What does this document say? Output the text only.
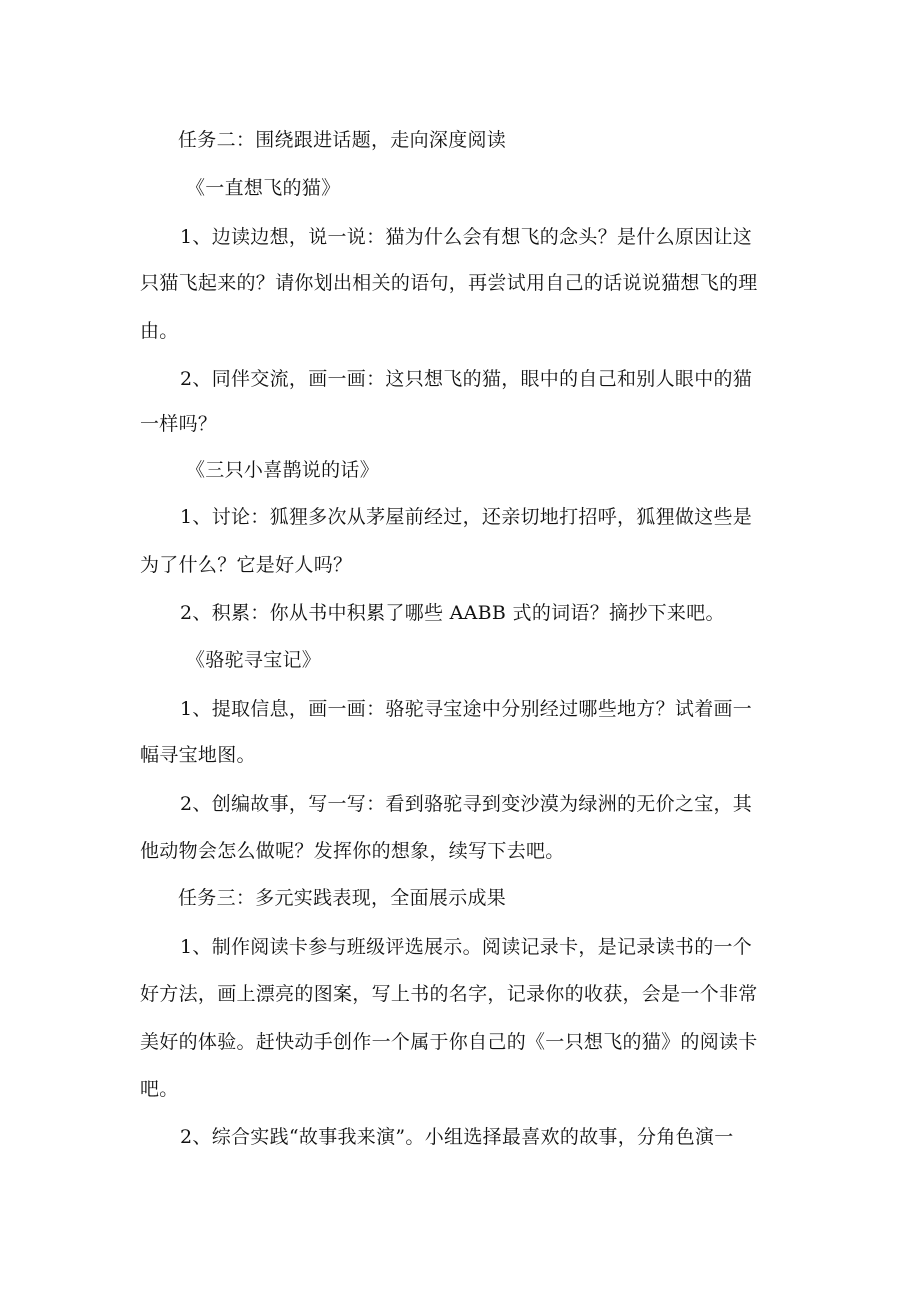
任务二：围绕跟进话题，走向深度阅读
《一直想飞的猫》
1、边读边想，说一说：猫为什么会有想飞的念头？是什么原因让这
只猫飞起来的？请你划出相关的语句，再尝试用自己的话说说猫想飞的理
由。
2、同伴交流，画一画：这只想飞的猫，眼中的自己和别人眼中的猫
一样吗？
《三只小喜鹊说的话》
1、讨论：狐狸多次从茅屋前经过，还亲切地打招呼，狐狸做这些是
为了什么？它是好人吗？
2、积累：你从书中积累了哪些 AABB 式的词语？摘抄下来吧。
《骆驼寻宝记》
1、提取信息，画一画：骆驼寻宝途中分别经过哪些地方？试着画一
幅寻宝地图。
2、创编故事，写一写：看到骆驼寻到变沙漠为绿洲的无价之宝，其
他动物会怎么做呢？发挥你的想象，续写下去吧。
任务三：多元实践表现，全面展示成果
1、制作阅读卡参与班级评选展示。阅读记录卡，是记录读书的一个
好方法，画上漂亮的图案，写上书的名字，记录你的收获，会是一个非常
美好的体验。赶快动手创作一个属于你自己的《一只想飞的猫》的阅读卡
吧。
2、综合实践“故事我来演”。小组选择最喜欢的故事，分角色演一
